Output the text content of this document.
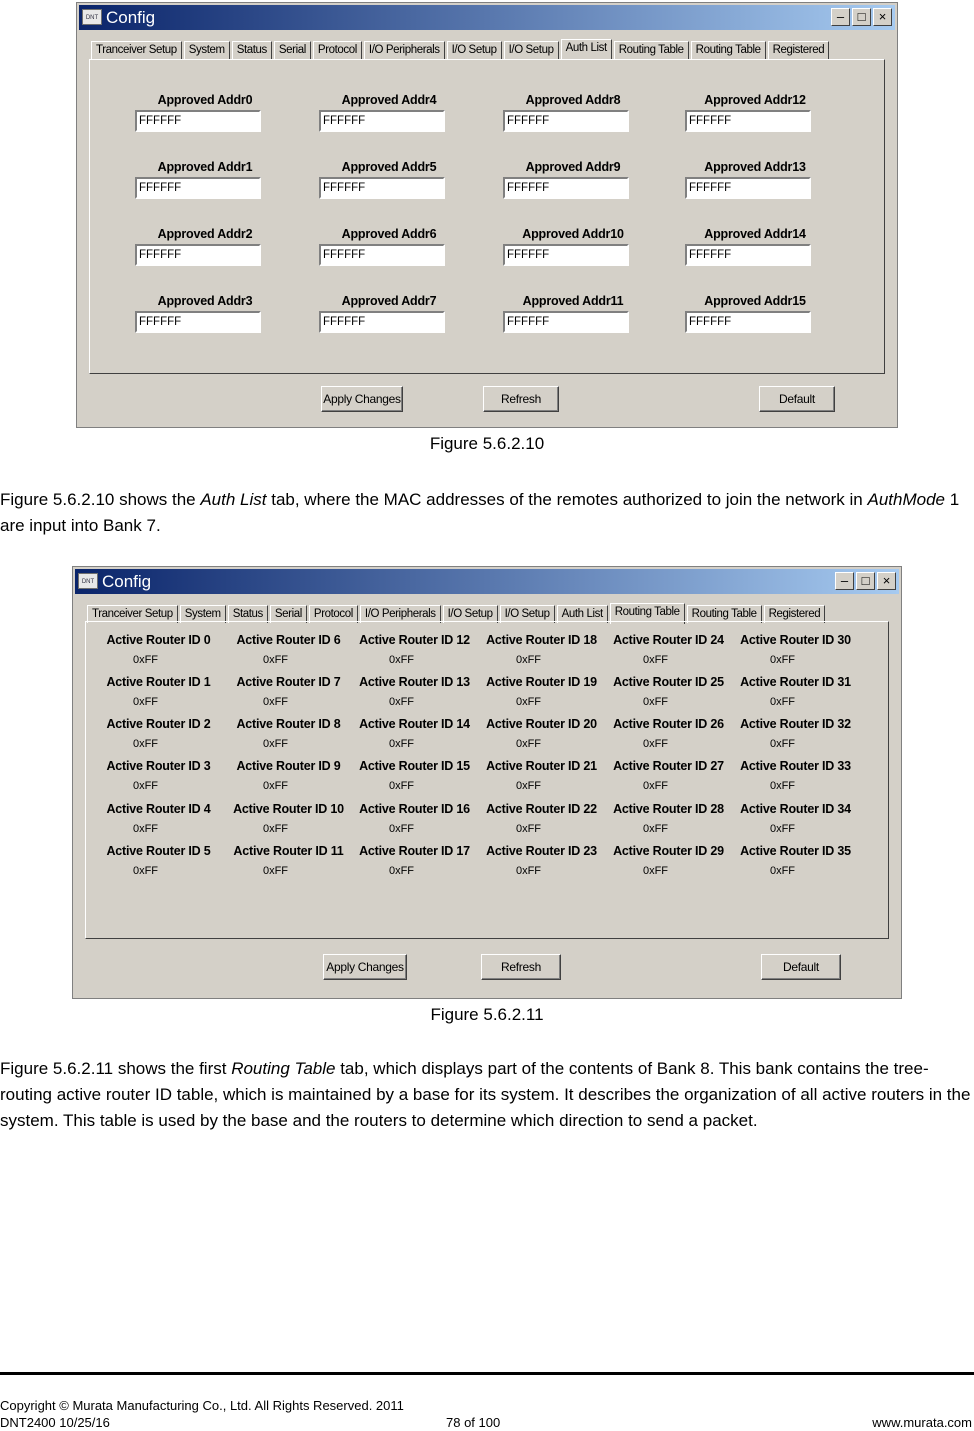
DNT Config	–	□	×
Tranceiver Setup	System	Status	Serial	Protocol	I/O Peripherals	I/O Setup	I/O Setup	Auth List	Routing Table	Routing Table	Registered
Approved Addr0
FFFFFF
Approved Addr1
FFFFFF
Approved Addr2
FFFFFF
Approved Addr3
FFFFFF
Approved Addr4
FFFFFF
Approved Addr5
FFFFFF
Approved Addr6
FFFFFF
Approved Addr7
FFFFFF
Approved Addr8
FFFFFF
Approved Addr9
FFFFFF
Approved Addr10
FFFFFF
Approved Addr11
FFFFFF
Approved Addr12
FFFFFF
Approved Addr13
FFFFFF
Approved Addr14
FFFFFF
Approved Addr15
FFFFFF
Apply Changes	Refresh	Default
Figure 5.6.2.10
Figure 5.6.2.10 shows the Auth List tab, where the MAC addresses of the remotes authorized to join the network in AuthMode 1 are input into Bank 7.
DNT Config	–	□	×
Tranceiver Setup	System	Status	Serial	Protocol	I/O Peripherals	I/O Setup	I/O Setup	Auth List	Routing Table	Routing Table	Registered
Active Router ID 0
0xFF
Active Router ID 1
0xFF
Active Router ID 2
0xFF
Active Router ID 3
0xFF
Active Router ID 4
0xFF
Active Router ID 5
0xFF
Active Router ID 6
0xFF
Active Router ID 7
0xFF
Active Router ID 8
0xFF
Active Router ID 9
0xFF
Active Router ID 10
0xFF
Active Router ID 11
0xFF
Active Router ID 12
0xFF
Active Router ID 13
0xFF
Active Router ID 14
0xFF
Active Router ID 15
0xFF
Active Router ID 16
0xFF
Active Router ID 17
0xFF
Active Router ID 18
0xFF
Active Router ID 19
0xFF
Active Router ID 20
0xFF
Active Router ID 21
0xFF
Active Router ID 22
0xFF
Active Router ID 23
0xFF
Active Router ID 24
0xFF
Active Router ID 25
0xFF
Active Router ID 26
0xFF
Active Router ID 27
0xFF
Active Router ID 28
0xFF
Active Router ID 29
0xFF
Active Router ID 30
0xFF
Active Router ID 31
0xFF
Active Router ID 32
0xFF
Active Router ID 33
0xFF
Active Router ID 34
0xFF
Active Router ID 35
0xFF
Apply Changes	Refresh	Default
Figure 5.6.2.11
Figure 5.6.2.11 shows the first Routing Table tab, which displays part of the contents of Bank 8. This bank contains the tree-routing active router ID table, which is maintained by a base for its system. It describes the organization of all active routers in the system. This table is used by the base and the routers to determine which direction to send a packet.
Copyright © Murata Manufacturing Co., Ltd. All Rights Reserved. 2011
DNT2400 10/25/16	78 of 100	www.murata.com
